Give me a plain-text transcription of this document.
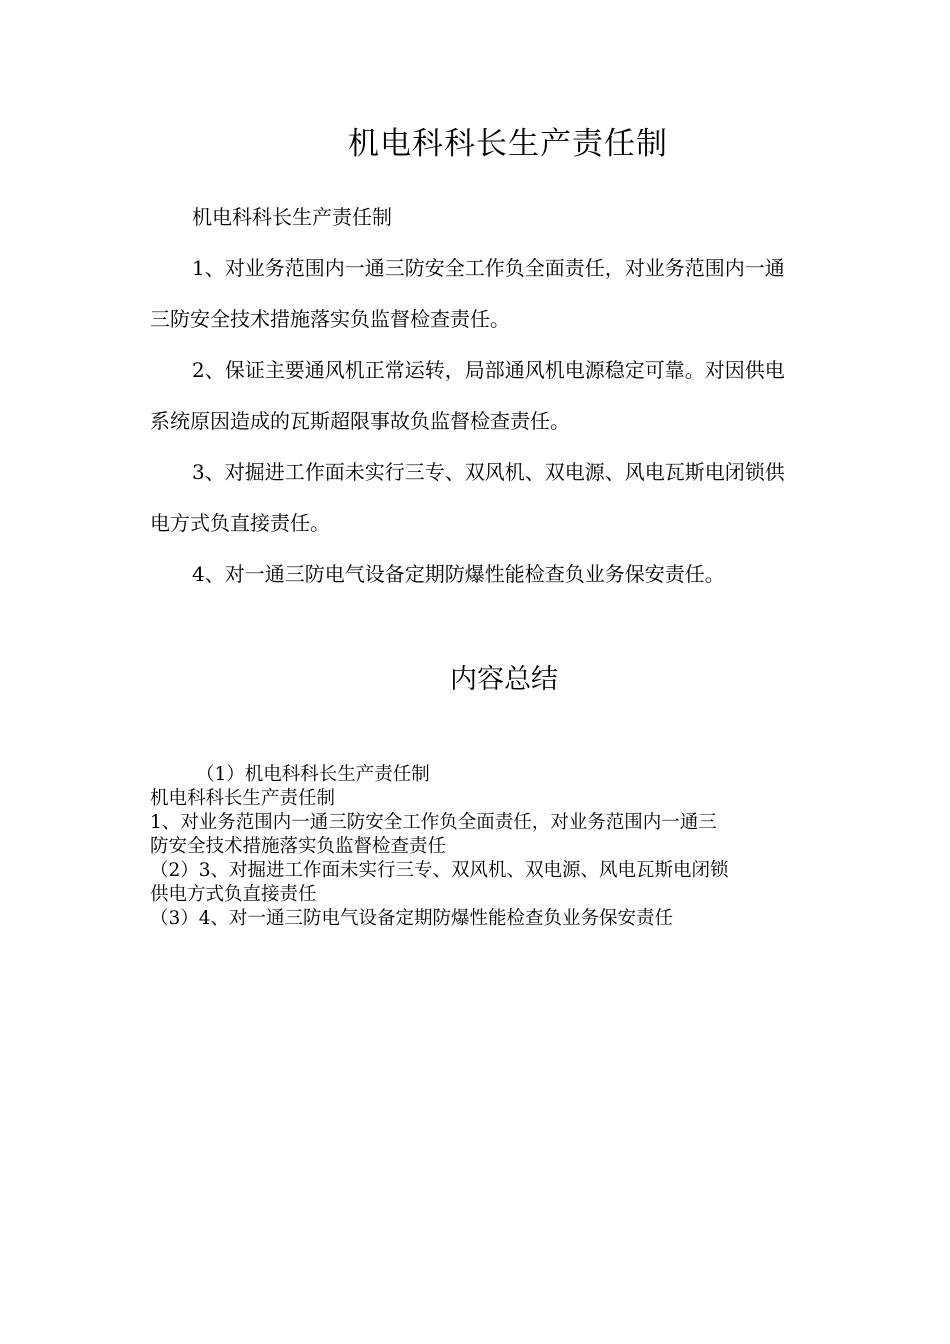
机电科科长生产责任制

机电科科长生产责任制

1、对业务范围内一通三防安全工作负全面责任，对业务范围内一通三防安全技术措施落实负监督检查责任。

2、保证主要通风机正常运转，局部通风机电源稳定可靠。对因供电系统原因造成的瓦斯超限事故负监督检查责任。

3、对掘进工作面未实行三专、双风机、双电源、风电瓦斯电闭锁供电方式负直接责任。

4、对一通三防电气设备定期防爆性能检查负业务保安责任。

内容总结
（1）机电科科长生产责任制
机电科科长生产责任制
1、对业务范围内一通三防安全工作负全面责任，对业务范围内一通三
防安全技术措施落实负监督检查责任
（2）3、对掘进工作面未实行三专、双风机、双电源、风电瓦斯电闭锁
供电方式负直接责任
（3）4、对一通三防电气设备定期防爆性能检查负业务保安责任
